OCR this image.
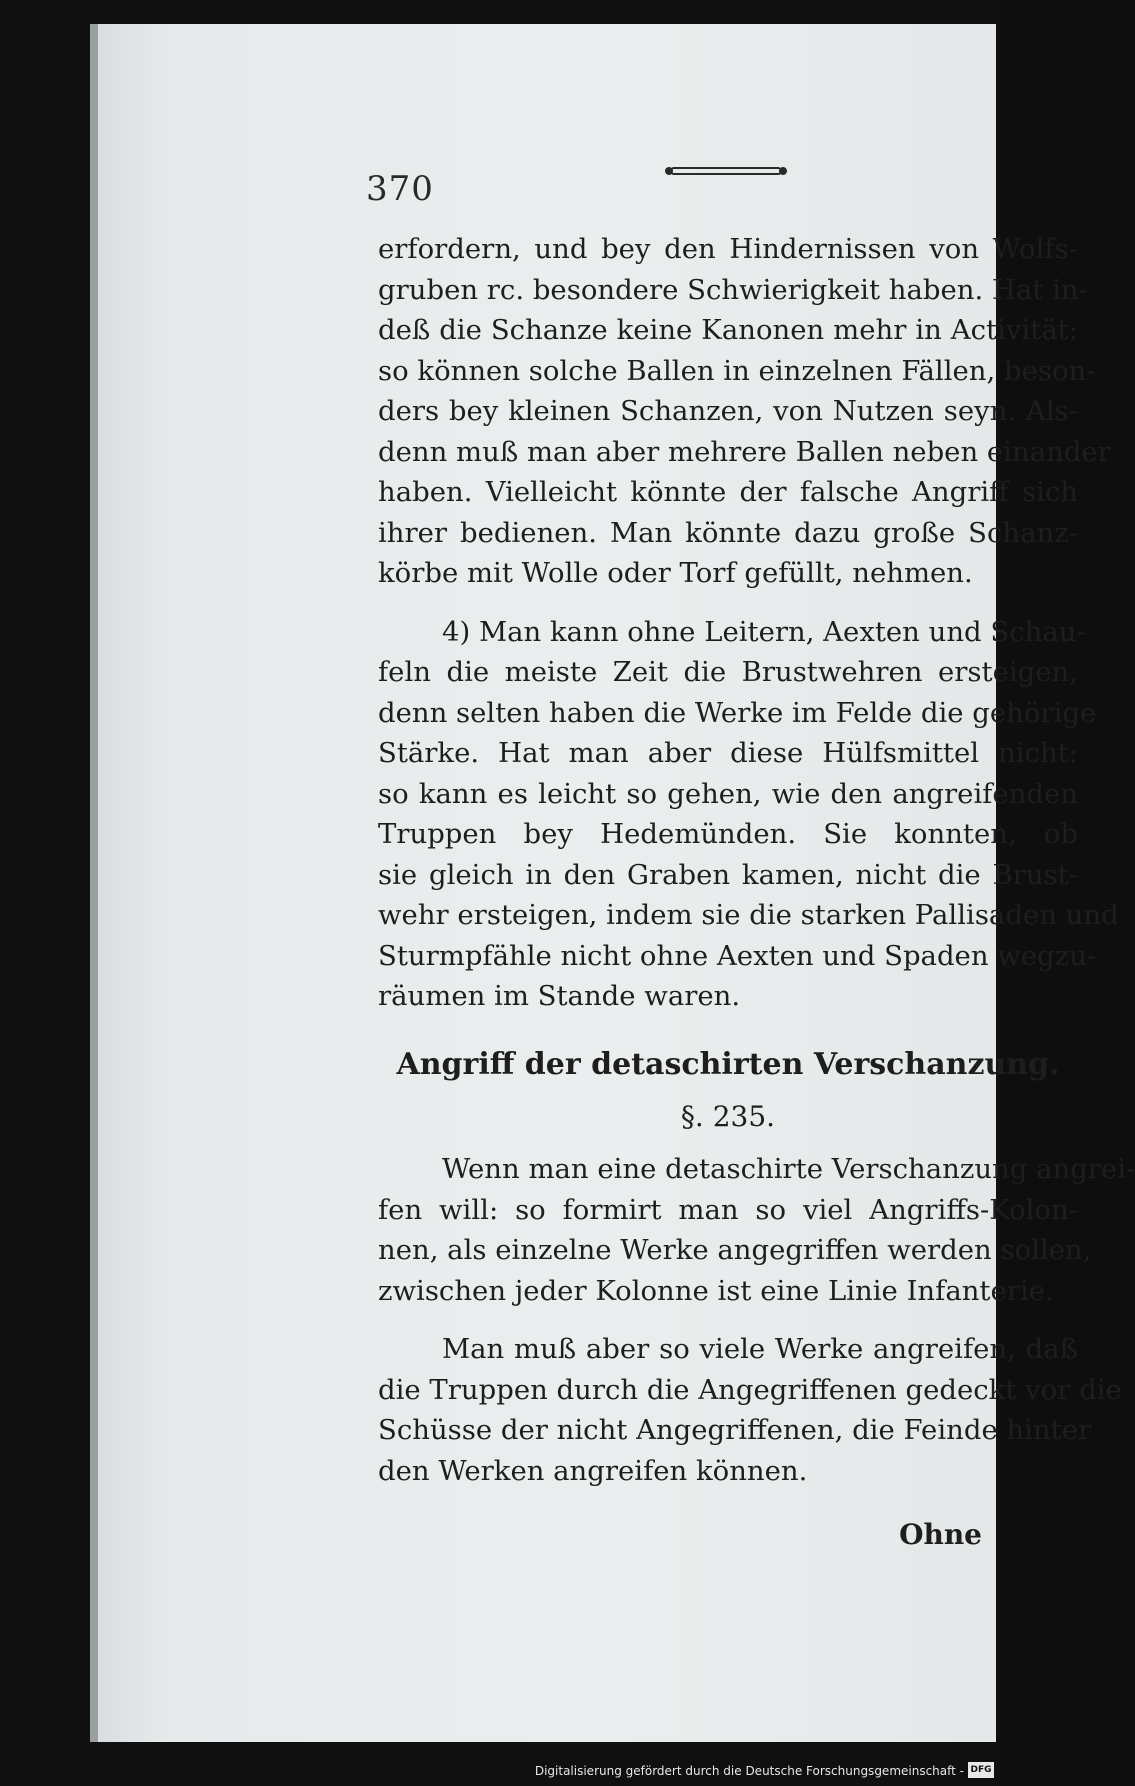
370

erfordern, und bey den Hindernissen von Wolfs-
gruben rc. besondere Schwierigkeit haben. Hat in-
deß die Schanze keine Kanonen mehr in Activität:
so können solche Ballen in einzelnen Fällen, beson-
ders bey kleinen Schanzen, von Nutzen seyn. Als-
denn muß man aber mehrere Ballen neben einander
haben. Vielleicht könnte der falsche Angriff sich
ihrer bedienen. Man könnte dazu große Schanz-
körbe mit Wolle oder Torf gefüllt, nehmen.

4) Man kann ohne Leitern, Aexten und Schau-
feln die meiste Zeit die Brustwehren ersteigen,
denn selten haben die Werke im Felde die gehörige
Stärke. Hat man aber diese Hülfsmittel nicht:
so kann es leicht so gehen, wie den angreifenden
Truppen bey Hedemünden. Sie konnten, ob
sie gleich in den Graben kamen, nicht die Brust-
wehr ersteigen, indem sie die starken Pallisaden und
Sturmpfähle nicht ohne Aexten und Spaden wegzu-
räumen im Stande waren.

Angriff der detaschirten Verschanzung.
§. 235.

Wenn man eine detaschirte Verschanzung angrei-
fen will: so formirt man so viel Angriffs-Kolon-
nen, als einzelne Werke angegriffen werden sollen,
zwischen jeder Kolonne ist eine Linie Infanterie.

Man muß aber so viele Werke angreifen, daß
die Truppen durch die Angegriffenen gedeckt vor die
Schüsse der nicht Angegriffenen, die Feinde hinter
den Werken angreifen können.

Ohne
Digitalisierung gefördert durch die Deutsche Forschungsgemeinschaft - DFG
